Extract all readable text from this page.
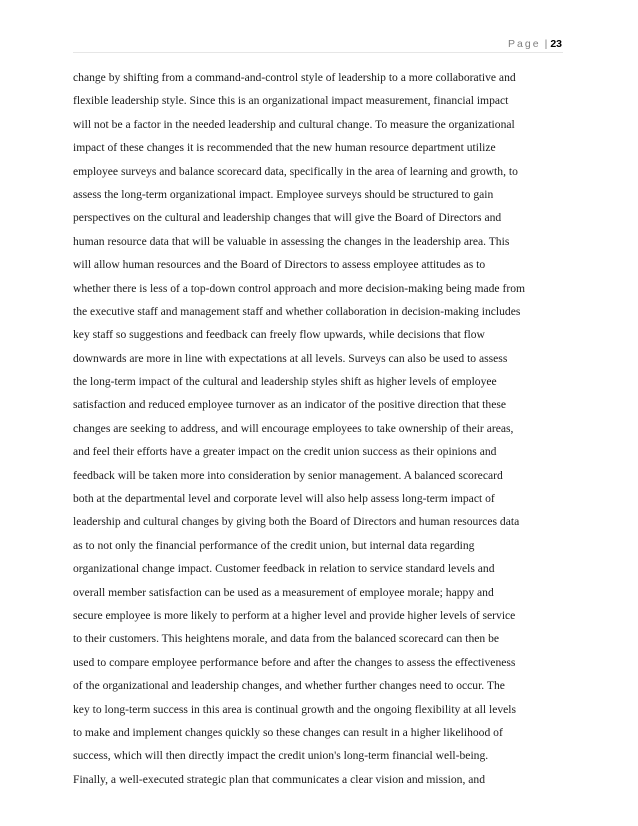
Page | 23
change by shifting from a command-and-control style of leadership to a more collaborative and
flexible leadership style. Since this is an organizational impact measurement, financial impact
will not be a factor in the needed leadership and cultural change. To measure the organizational
impact of these changes it is recommended that the new human resource department utilize
employee surveys and balance scorecard data, specifically in the area of learning and growth, to
assess the long-term organizational impact. Employee surveys should be structured to gain
perspectives on the cultural and leadership changes that will give the Board of Directors and
human resource data that will be valuable in assessing the changes in the leadership area. This
will allow human resources and the Board of Directors to assess employee attitudes as to
whether there is less of a top-down control approach and more decision-making being made from
the executive staff and management staff and whether collaboration in decision-making includes
key staff so suggestions and feedback can freely flow upwards, while decisions that flow
downwards are more in line with expectations at all levels. Surveys can also be used to assess
the long-term impact of the cultural and leadership styles shift as higher levels of employee
satisfaction and reduced employee turnover as an indicator of the positive direction that these
changes are seeking to address, and will encourage employees to take ownership of their areas,
and feel their efforts have a greater impact on the credit union success as their opinions and
feedback will be taken more into consideration by senior management. A balanced scorecard
both at the departmental level and corporate level will also help assess long-term impact of
leadership and cultural changes by giving both the Board of Directors and human resources data
as to not only the financial performance of the credit union, but internal data regarding
organizational change impact. Customer feedback in relation to service standard levels and
overall member satisfaction can be used as a measurement of employee morale; happy and
secure employee is more likely to perform at a higher level and provide higher levels of service
to their customers. This heightens morale, and data from the balanced scorecard can then be
used to compare employee performance before and after the changes to assess the effectiveness
of the organizational and leadership changes, and whether further changes need to occur. The
key to long-term success in this area is continual growth and the ongoing flexibility at all levels
to make and implement changes quickly so these changes can result in a higher likelihood of
success, which will then directly impact the credit union's long-term financial well-being.
Finally, a well-executed strategic plan that communicates a clear vision and mission, and
